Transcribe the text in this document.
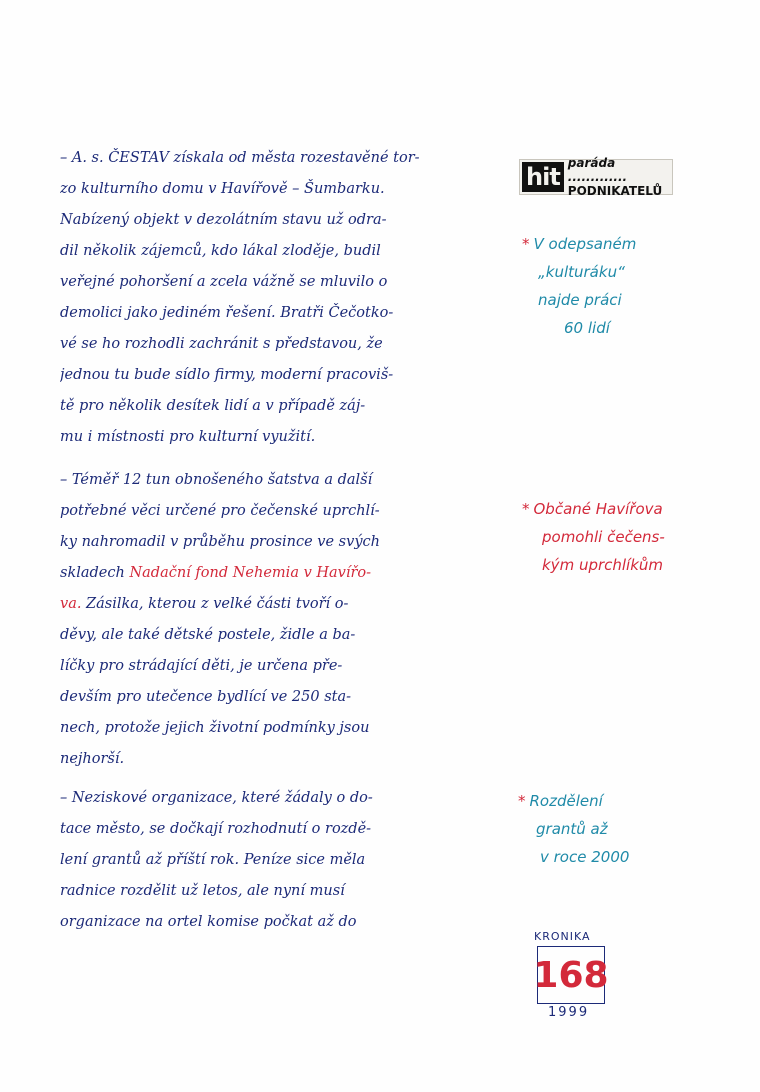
– A. s. ČESTAV získala od města rozestavěné tor-
zo kulturního domu v Havířově – Šumbarku.
Nabízený objekt v dezolátním stavu už odra-
dil několik zájemců, kdo lákal zloděje, budil
veřejné pohoršení a zcela vážně se mluvilo o
demolici jako jediném řešení. Bratři Čečotko-
vé se ho rozhodli zachránit s představou, že
jednou tu bude sídlo firmy, moderní pracoviš-
tě pro několik desítek lidí a v případě záj-
mu i místnosti pro kulturní využití.
hit paráda .............
PODNIKATELŮ
* V odepsaném
„kulturáku“
najde práci
60 lidí
– Téměř 12 tun obnošeného šatstva a další
potřebné věci určené pro čečenské uprchlí-
ky nahromadil v průběhu prosince ve svých
skladech Nadační fond Nehemia v Havířo-
va. Zásilka, kterou z velké části tvoří o-
děvy, ale také dětské postele, židle a ba-
líčky pro strádající děti, je určena pře-
devším pro utečence bydlící ve 250 sta-
nech, protože jejich životní podmínky jsou
nejhorší.
* Občané Havířova
pomohli čečens-
kým uprchlíkům
– Neziskové organizace, které žádaly o do-
tace město, se dočkají rozhodnutí o rozdě-
lení grantů až příští rok. Peníze sice měla
radnice rozdělit už letos, ale nyní musí
organizace na ortel komise počkat až do
* Rozdělení
grantů až
v roce 2000
KRONIKA
168
1999
